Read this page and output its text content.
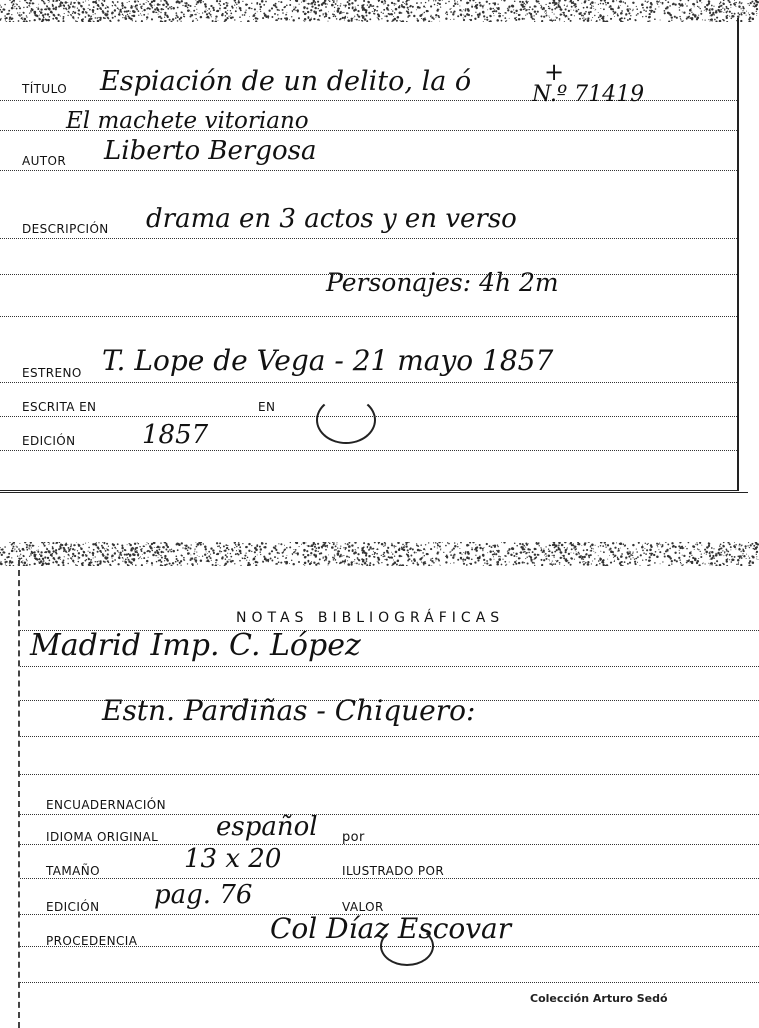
TÍTULO Espiación de un delito, la ó	+
N.º 71419
El machete vitoriano
AUTOR Liberto Bergosa
DESCRIPCIÓN drama en 3 actos y en verso
Personajes: 4h 2m
ESTRENO T. Lope de Vega - 21 mayo 1857
ESCRITA EN	EN
EDICIÓN	1857
NOTAS BIBLIOGRÁFICAS
Madrid Imp. C. López
Estn. Pardiñas - Chiquero:
ENCUADERNACIÓN
IDIOMA ORIGINAL español por
TAMAÑO	13 x 20	ILUSTRADO POR
EDICIÓN pag. 76	VALOR
PROCEDENCIA	Col Díaz Escovar
Colección Arturo Sedó
